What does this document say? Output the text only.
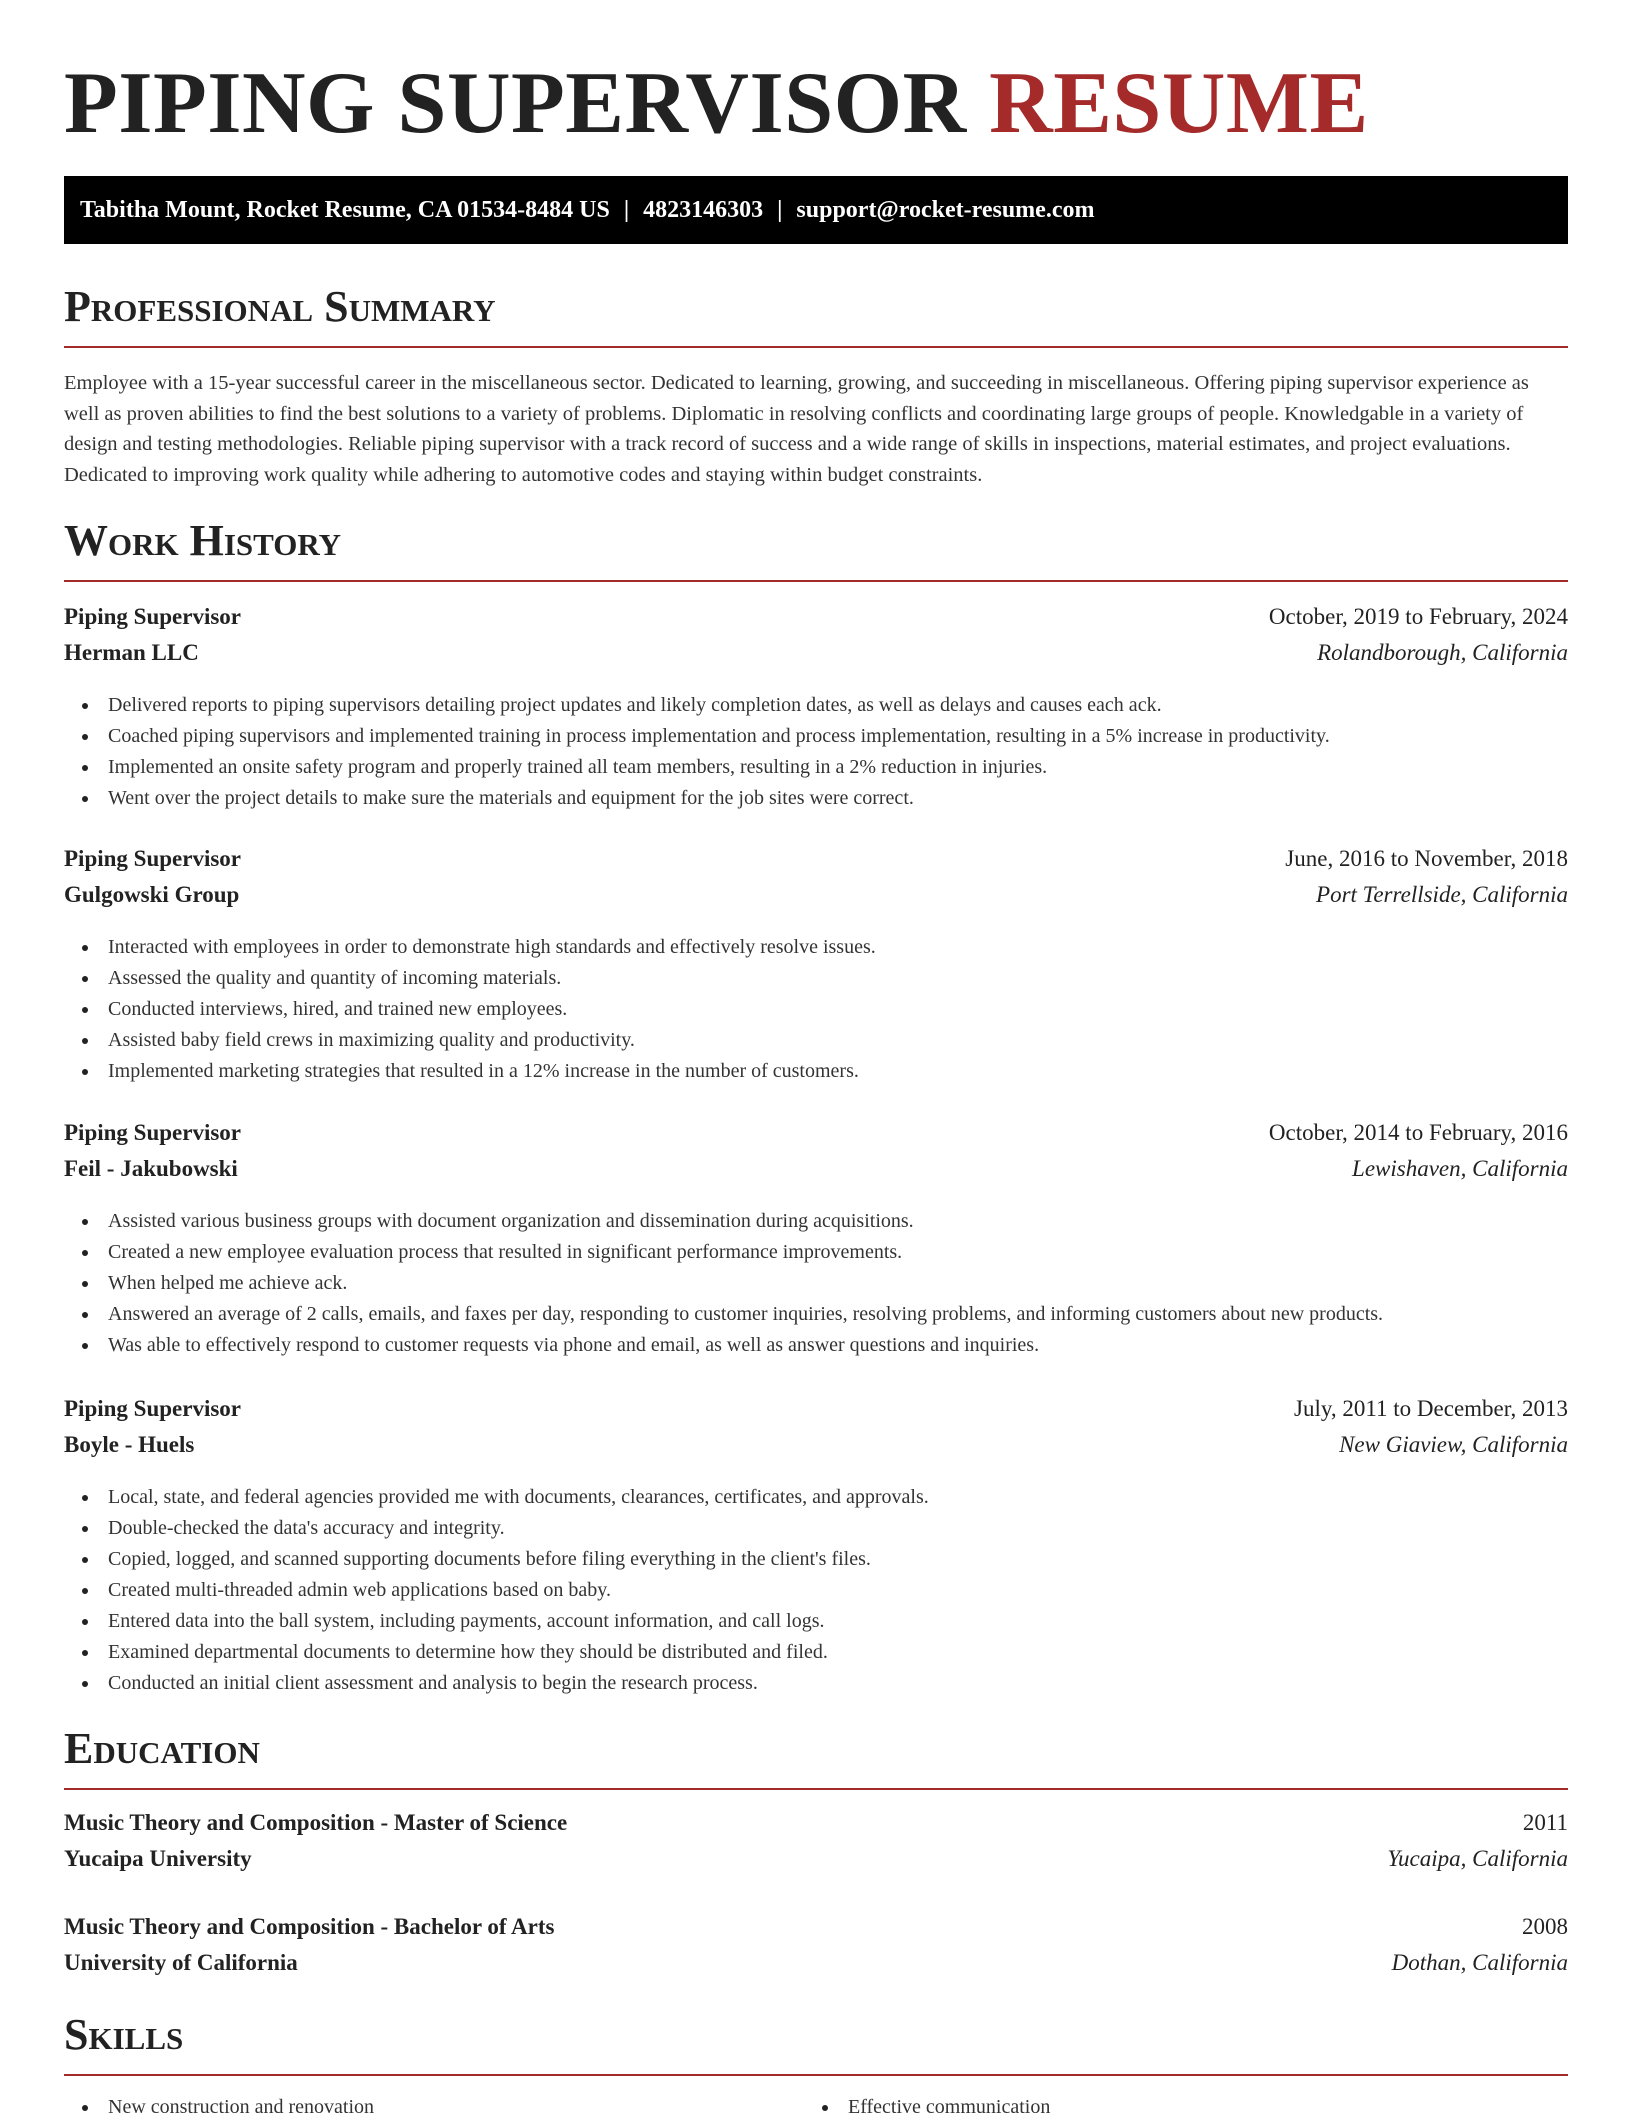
PIPING SUPERVISOR RESUME
Tabitha Mount, Rocket Resume, CA 01534-8484 US | 4823146303 | support@rocket-resume.com
Professional Summary

Employee with a 15-year successful career in the miscellaneous sector. Dedicated to learning, growing, and succeeding in miscellaneous. Offering piping supervisor experience as well as proven abilities to find the best solutions to a variety of problems. Diplomatic in resolving conflicts and coordinating large groups of people. Knowledgable in a variety of design and testing methodologies. Reliable piping supervisor with a track record of success and a wide range of skills in inspections, material estimates, and project evaluations. Dedicated to improving work quality while adhering to automotive codes and staying within budget constraints.

Work History
Piping Supervisor	October, 2019 to February, 2024
Herman LLC	Rolandborough, California
Delivered reports to piping supervisors detailing project updates and likely completion dates, as well as delays and causes each ack.
Coached piping supervisors and implemented training in process implementation and process implementation, resulting in a 5% increase in productivity.
Implemented an onsite safety program and properly trained all team members, resulting in a 2% reduction in injuries.
Went over the project details to make sure the materials and equipment for the job sites were correct.
Piping Supervisor	June, 2016 to November, 2018
Gulgowski Group	Port Terrellside, California
Interacted with employees in order to demonstrate high standards and effectively resolve issues.
Assessed the quality and quantity of incoming materials.
Conducted interviews, hired, and trained new employees.
Assisted baby field crews in maximizing quality and productivity.
Implemented marketing strategies that resulted in a 12% increase in the number of customers.
Piping Supervisor	October, 2014 to February, 2016
Feil - Jakubowski	Lewishaven, California
Assisted various business groups with document organization and dissemination during acquisitions.
Created a new employee evaluation process that resulted in significant performance improvements.
When helped me achieve ack.
Answered an average of 2 calls, emails, and faxes per day, responding to customer inquiries, resolving problems, and informing customers about new products.
Was able to effectively respond to customer requests via phone and email, as well as answer questions and inquiries.
Piping Supervisor	July, 2011 to December, 2013
Boyle - Huels	New Giaview, California
Local, state, and federal agencies provided me with documents, clearances, certificates, and approvals.
Double-checked the data's accuracy and integrity.
Copied, logged, and scanned supporting documents before filing everything in the client's files.
Created multi-threaded admin web applications based on baby.
Entered data into the ball system, including payments, account information, and call logs.
Examined departmental documents to determine how they should be distributed and filed.
Conducted an initial client assessment and analysis to begin the research process.
Education
Music Theory and Composition - Master of Science	2011
Yucaipa University	Yucaipa, California
Music Theory and Composition - Bachelor of Arts	2008
University of California	Dothan, California
Skills
New construction and renovation	Effective communication
